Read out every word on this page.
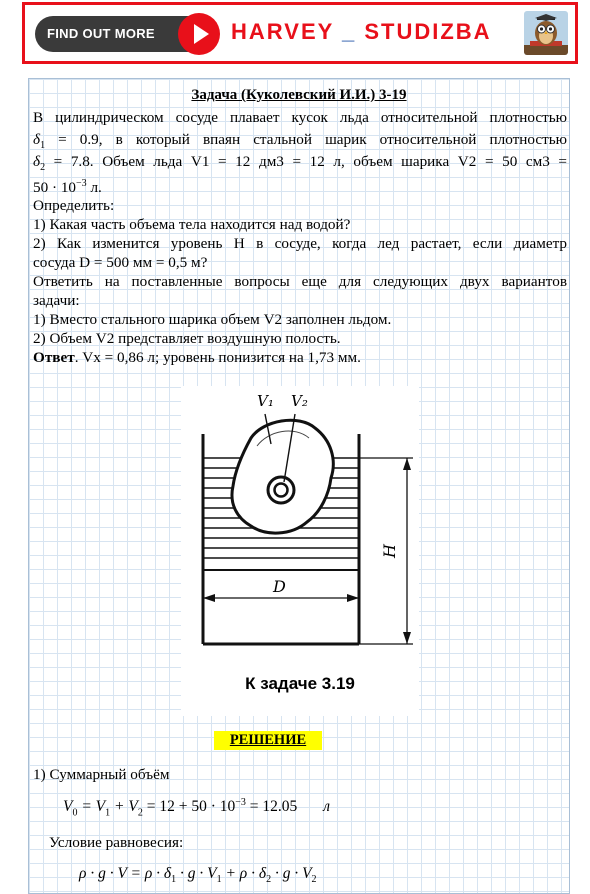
FIND OUT MORE	HARVEY _ STUDIZBA
Задача (Куколевский И.И.) 3-19
В цилиндрическом сосуде плавает кусок льда относительной плотностью
$\delta_1 = 0.9$, в который впаян стальной шарик относительной плотностью
$\delta_2 = 7.8$. Объем льда V1 = 12 дм3 = 12 л, объем шарика V2 = 50 см3 =
$50 \cdot 10^{-3}$ л.
Определить:
1) Какая часть объема тела находится над водой?
2) Как изменится уровень H в сосуде, когда лед растает, если диаметр
сосуда D = 500 мм = 0,5 м?
Ответить на поставленные вопросы еще для следующих двух вариантов
задачи:
1) Вместо стального шарика объем V2 заполнен льдом.
2) Объем V2 представляет воздушную полость.
Ответ. Vx = 0,86 л; уровень понизится на 1,73 мм.
V₁ V₂
H
D
К задаче 3.19
РЕШЕНИЕ
1) Суммарный объём
$V_0 = V_1 + V_2 = 12 + 50 \cdot 10^{-3} = 12.05$ л
Условие равновесия:
$\rho \cdot g \cdot V = \rho \cdot \delta_1 \cdot g \cdot V_1 + \rho \cdot \delta_2 \cdot g \cdot V_2$
